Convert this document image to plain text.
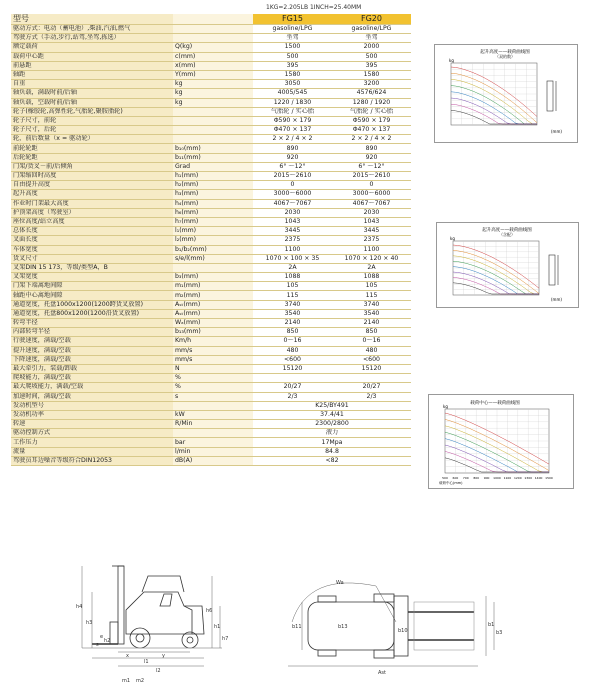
1KG=2.205LB 1INCH=25.40MM
型号		FG15	FG20
驱动方式：电动（蓄电池）,柴油,汽油,燃气		gasoline/LPG	gasoline/LPG
驾驶方式（手动,步行,站驾,坐驾,拣选）		坐驾	坐驾
额定载荷	Q(kg)	1500	2000
载荷中心距	c(mm)	500	500
前悬距	x(mm)	395	395
轴距	Y(mm)	1580	1580
自重	kg	3050	3200
轴负载，满载时前/后轴	kg	4005/545	4576/624
轴负载，空载时前/后轴	kg	1220 / 1830	1280 / 1920
轮子(橡胶轮,高弹性轮,气胎轮,聚胺脂轮)		气胎轮 / 实心胎	气胎轮 / 实心胎
轮子尺寸，前轮		Φ590 × 179	Φ590 × 179
轮子尺寸，后轮		Φ470 × 137	Φ470 × 137
轮，前后数量（x = 驱动轮）		2 × 2 / 4 × 2	2 × 2 / 4 × 2
前轮轮距	b₁₀(mm)	890	890
后轮轮距	b₁₁(mm)	920	920
门架/货叉－前/后倾角	Grad	6° ～12°	6° ～12°
门架缩回时高度	h₁(mm)	2015～2610	2015～2610
自由提升高度	h₂(mm)	0	0
起升高度	h₃(mm)	3000～6000	3000～6000
作业时门架最大高度	h₄(mm)	4067～7067	4067～7067
护顶架高度（驾驶室）	h₆(mm)	2030	2030
座位高度/站立高度	h₇(mm)	1043	1043
总体长度	l₁(mm)	3445	3445
叉面长度	l₂(mm)	2375	2375
车体宽度	b₁/b₂(mm)	1100	1100
货叉尺寸	s/e/l(mm)	1070 × 100 × 35	1070 × 120 × 40
叉架DIN 15 173，等级/类型A，B		2A	2A
叉架宽度	b₃(mm)	1088	1088
门架下端离地间隙	m₁(mm)	105	105
轴距中心离地间隙	m₂(mm)	115	115
通道宽度，托盘1000x1200(1200跨货叉放置)	Aₛₜ(mm)	3740	3740
通道宽度，托盘800x1200(1200沿货叉放置)	Aₛₜ(mm)	3540	3540
转弯半径	Wₐ(mm)	2140	2140
内部转弯半径	b₁₃(mm)	850	850
行驶速度，满载/空载	Km/h	0～16	0～16
提升速度，满载/空载	mm/s	480	480
下降速度，满载/空载	mm/s	<600	<600
最大牵引力，装载/卸载	N	15120	15120
爬坡能力，满载/空载	%		
最大爬坡能力，满载/空载	%	20/27	20/27
加速时间，满载/空载	s	2/3	2/3
发动机型号		K25/BY491	
发动机功率	kW	37.4/41	
转速	R/Min	2300/2800	
驱动控制方式		液力	
工作压力	bar	17Mpa	
流量	l/min	84.8	
驾驶员耳边噪音等级符合DIN12053	dB(A)	<82	
起升高度——载荷曲线图
（双的数）
kg
(mm)
起升高度——载荷曲线图
（含配）
kg
(mm)
载荷中心——载荷曲线图
kg
载荷中心(mm)
500 600 700 800 900 1000 1100 1200 1300 1400 1500
h4
h3
h6
h1
h7
h2
x	y
l2
l1
m2
m1
s
e
Wa
Ast
b1
b3
b10
b11	b13
